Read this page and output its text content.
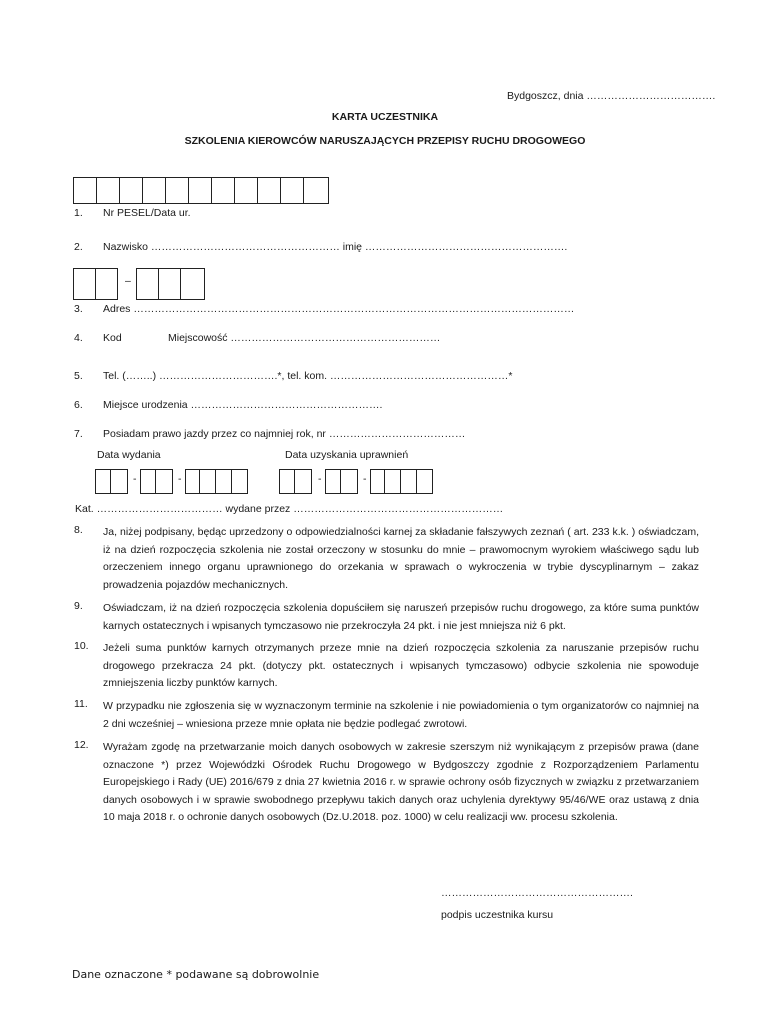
Bydgoszcz, dnia ……………………………….
KARTA UCZESTNIKA
SZKOLENIA KIEROWCÓW NARUSZAJĄCYCH PRZEPISY RUCHU DROGOWEGO
1. Nr PESEL/Data ur.
2. Nazwisko ……………………………………………… imię ………………………………………………….
–
3. Adres ………………………………………………………………………………………………………………
4. Kod	Miejscowość ……………………………………………………
5. Tel. (……..) …………………………….*, tel. kom. ……………………………………………*
6. Miejsce urodzenia ……………………………………………….
7. Posiadam prawo jazdy przez co najmniej rok, nr …………………………………
Data wydania	Data uzyskania uprawnień
-	-	-	-
Kat. ……………………………… wydane przez ……………………………………………………
8. Ja, niżej podpisany, będąc uprzedzony o odpowiedzialności karnej za składanie fałszywych zeznań ( art. 233 k.k. ) oświadczam, iż na dzień rozpoczęcia szkolenia nie został orzeczony w stosunku do mnie – prawomocnym wyrokiem właściwego sądu lub orzeczeniem innego organu uprawnionego do orzekania w sprawach o wykroczenia w trybie dyscyplinarnym – zakaz prowadzenia pojazdów mechanicznych.
9. Oświadczam, iż na dzień rozpoczęcia szkolenia dopuściłem się naruszeń przepisów ruchu drogowego, za które suma punktów karnych ostatecznych i wpisanych tymczasowo nie przekroczyła 24 pkt. i nie jest mniejsza niż 6 pkt.
10. Jeżeli suma punktów karnych otrzymanych przeze mnie na dzień rozpoczęcia szkolenia za naruszanie przepisów ruchu drogowego przekracza 24 pkt. (dotyczy pkt. ostatecznych i wpisanych tymczasowo) odbycie szkolenia nie spowoduje zmniejszenia liczby punktów karnych.
11. W przypadku nie zgłoszenia się w wyznaczonym terminie na szkolenie i nie powiadomienia o tym organizatorów co najmniej na 2 dni wcześniej – wniesiona przeze mnie opłata nie będzie podlegać zwrotowi.
12. Wyrażam zgodę na przetwarzanie moich danych osobowych w zakresie szerszym niż wynikającym z przepisów prawa (dane oznaczone *) przez Wojewódzki Ośrodek Ruchu Drogowego w Bydgoszczy zgodnie z Rozporządzeniem Parlamentu Europejskiego i Rady (UE) 2016/679 z dnia 27 kwietnia 2016 r. w sprawie ochrony osób fizycznych w związku z przetwarzaniem danych osobowych i w sprawie swobodnego przepływu takich danych oraz uchylenia dyrektywy 95/46/WE oraz ustawą z dnia 10 maja 2018 r. o ochronie danych osobowych (Dz.U.2018. poz. 1000) w celu realizacji ww. procesu szkolenia.
……………………………………………….
podpis uczestnika kursu
Dane oznaczone * podawane są dobrowolnie
